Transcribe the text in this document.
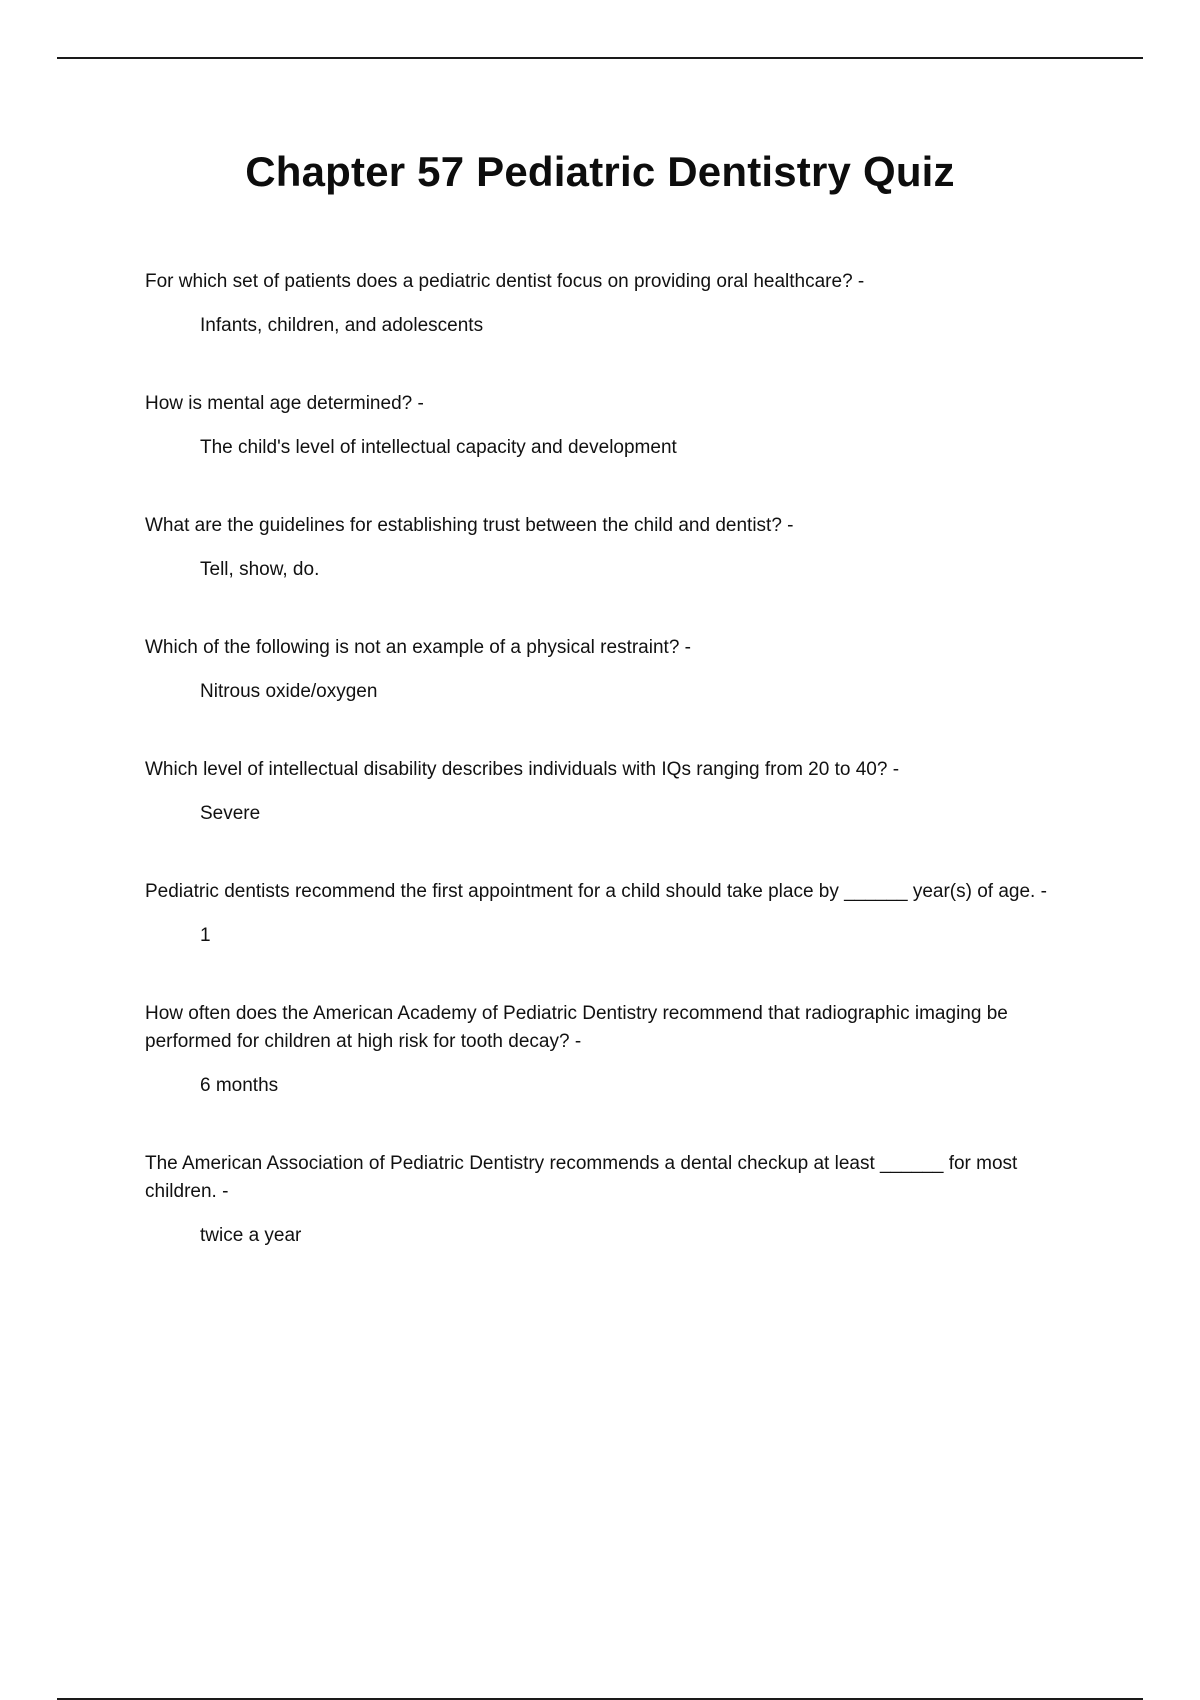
Chapter 57 Pediatric Dentistry Quiz

For which set of patients does a pediatric dentist focus on providing oral healthcare? -

Infants, children, and adolescents

How is mental age determined? -

The child's level of intellectual capacity and development

What are the guidelines for establishing trust between the child and dentist? -

Tell, show, do.

Which of the following is not an example of a physical restraint? -

Nitrous oxide/oxygen

Which level of intellectual disability describes individuals with IQs ranging from 20 to 40? -

Severe

Pediatric dentists recommend the first appointment for a child should take place by ______ year(s) of age. -

1

How often does the American Academy of Pediatric Dentistry recommend that radiographic imaging be performed for children at high risk for tooth decay? -

6 months

The American Association of Pediatric Dentistry recommends a dental checkup at least ______ for most children. -

twice a year
